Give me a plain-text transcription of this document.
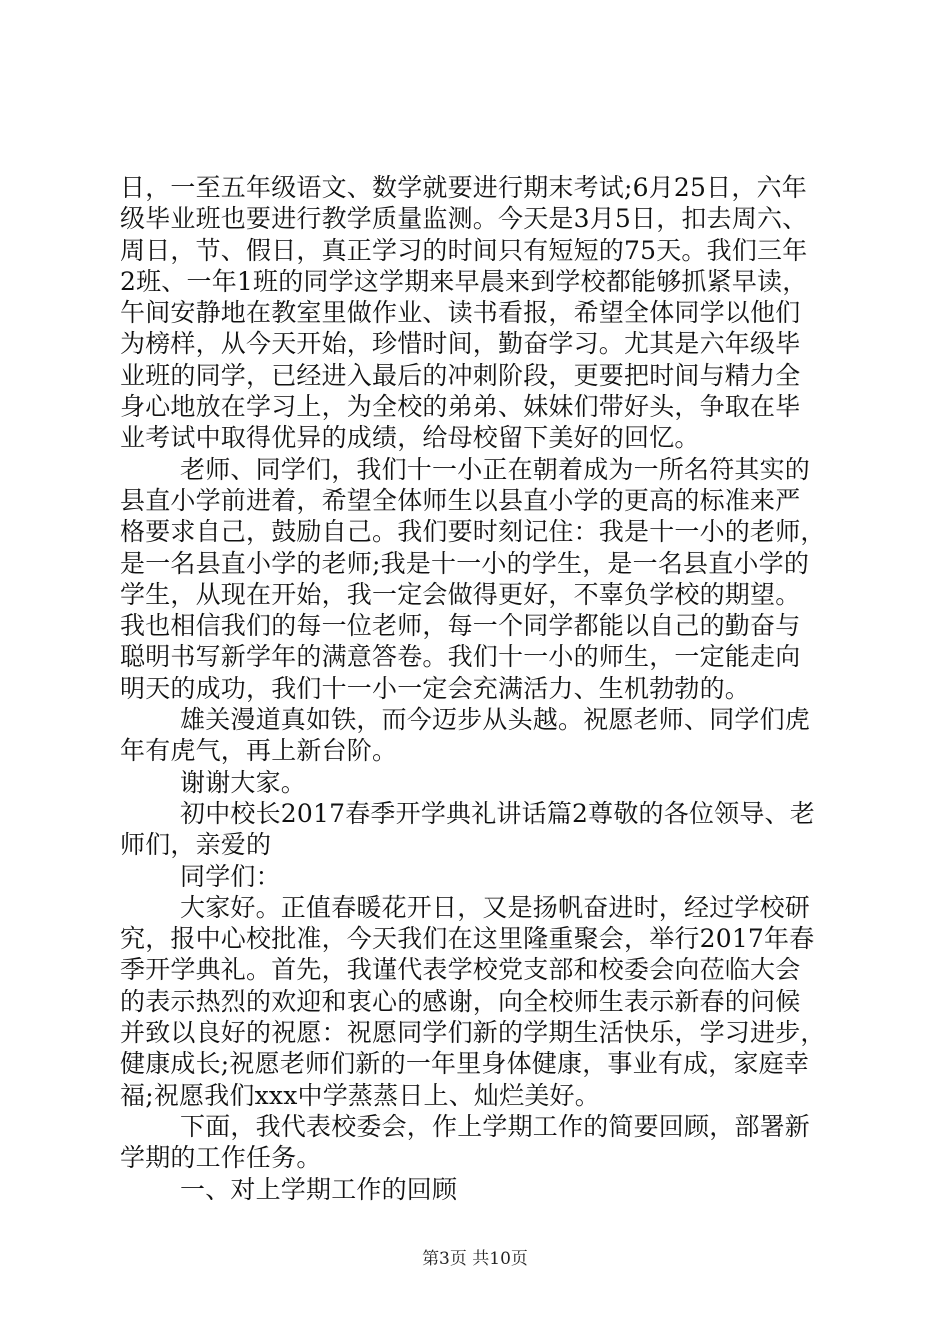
日，一至五年级语文、数学就要进行期末考试;6月25日，六年
级毕业班也要进行教学质量监测。今天是3月5日，扣去周六、
周日，节、假日，真正学习的时间只有短短的75天。我们三年
2班、一年1班的同学这学期来早晨来到学校都能够抓紧早读，
午间安静地在教室里做作业、读书看报，希望全体同学以他们
为榜样，从今天开始，珍惜时间，勤奋学习。尤其是六年级毕
业班的同学，已经进入最后的冲刺阶段，更要把时间与精力全
身心地放在学习上，为全校的弟弟、妹妹们带好头，争取在毕
业考试中取得优异的成绩，给母校留下美好的回忆。
老师、同学们，我们十一小正在朝着成为一所名符其实的
县直小学前进着，希望全体师生以县直小学的更高的标准来严
格要求自己，鼓励自己。我们要时刻记住：我是十一小的老师，
是一名县直小学的老师;我是十一小的学生，是一名县直小学的
学生，从现在开始，我一定会做得更好，不辜负学校的期望。
我也相信我们的每一位老师，每一个同学都能以自己的勤奋与
聪明书写新学年的满意答卷。我们十一小的师生，一定能走向
明天的成功，我们十一小一定会充满活力、生机勃勃的。
雄关漫道真如铁，而今迈步从头越。祝愿老师、同学们虎
年有虎气，再上新台阶。
谢谢大家。
初中校长2017春季开学典礼讲话篇2尊敬的各位领导、老
师们，亲爱的
同学们：
大家好。正值春暖花开日，又是扬帆奋进时，经过学校研
究，报中心校批准，今天我们在这里隆重聚会，举行2017年春
季开学典礼。首先，我谨代表学校党支部和校委会向莅临大会
的表示热烈的欢迎和衷心的感谢，向全校师生表示新春的问候
并致以良好的祝愿：祝愿同学们新的学期生活快乐，学习进步，
健康成长;祝愿老师们新的一年里身体健康，事业有成，家庭幸
福;祝愿我们xxx中学蒸蒸日上、灿烂美好。
下面，我代表校委会，作上学期工作的简要回顾，部署新
学期的工作任务。
一、对上学期工作的回顾
第3页 共10页
